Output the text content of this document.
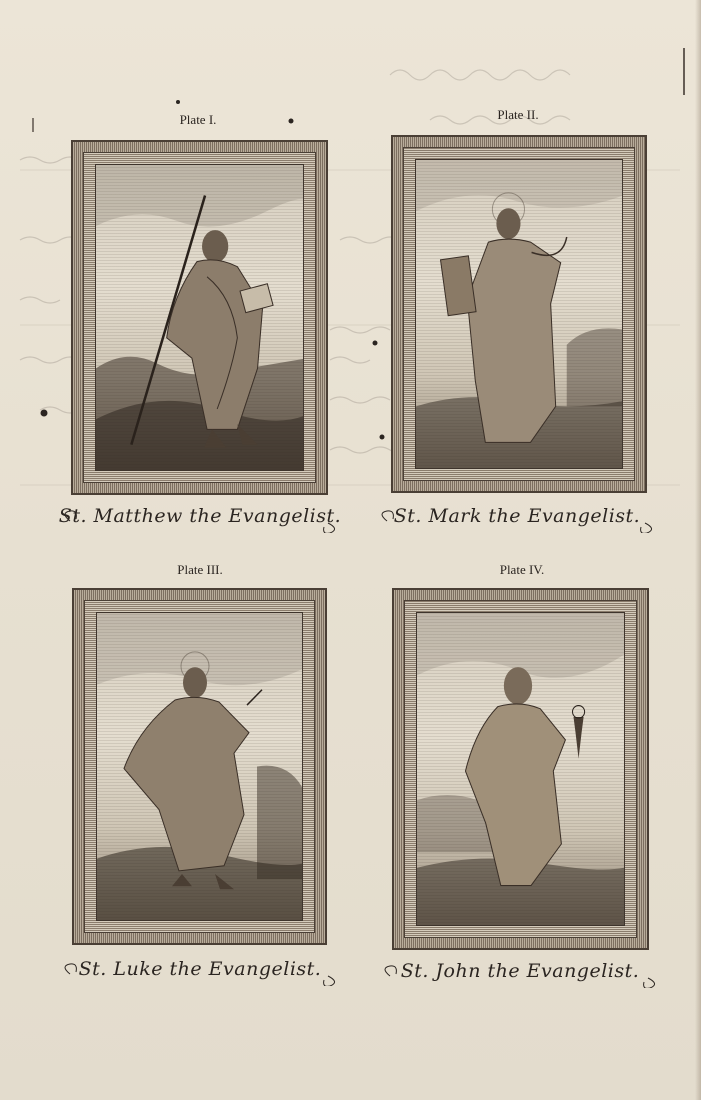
Plate I.
St. Matthew the Evangelist.
Plate II.
St. Mark the Evangelist.
Plate III.
St. Luke the Evangelist.
Plate IV.
St. John the Evangelist.
